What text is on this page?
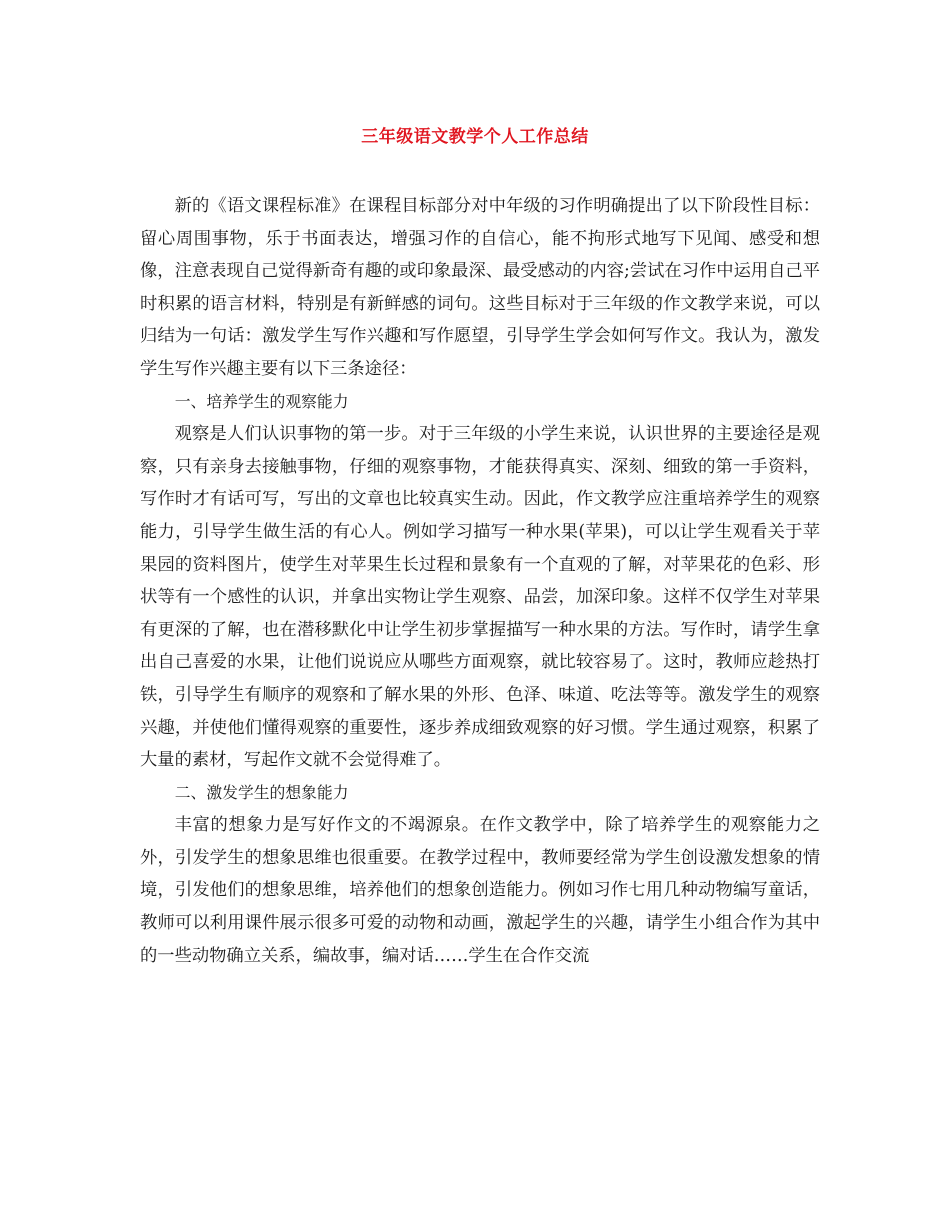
三年级语文教学个人工作总结

新的《语文课程标准》在课程目标部分对中年级的习作明确提出了以下阶段性目标：留心周围事物，乐于书面表达，增强习作的自信心，能不拘形式地写下见闻、感受和想像，注意表现自己觉得新奇有趣的或印象最深、最受感动的内容;尝试在习作中运用自己平时积累的语言材料，特别是有新鲜感的词句。这些目标对于三年级的作文教学来说，可以归结为一句话：激发学生写作兴趣和写作愿望，引导学生学会如何写作文。我认为，激发学生写作兴趣主要有以下三条途径：

一、培养学生的观察能力

观察是人们认识事物的第一步。对于三年级的小学生来说，认识世界的主要途径是观察，只有亲身去接触事物，仔细的观察事物，才能获得真实、深刻、细致的第一手资料，写作时才有话可写，写出的文章也比较真实生动。因此，作文教学应注重培养学生的观察能力，引导学生做生活的有心人。例如学习描写一种水果(苹果)，可以让学生观看关于苹果园的资料图片，使学生对苹果生长过程和景象有一个直观的了解，对苹果花的色彩、形状等有一个感性的认识，并拿出实物让学生观察、品尝，加深印象。这样不仅学生对苹果有更深的了解，也在潜移默化中让学生初步掌握描写一种水果的方法。写作时，请学生拿出自己喜爱的水果，让他们说说应从哪些方面观察，就比较容易了。这时，教师应趁热打铁，引导学生有顺序的观察和了解水果的外形、色泽、味道、吃法等等。激发学生的观察兴趣，并使他们懂得观察的重要性，逐步养成细致观察的好习惯。学生通过观察，积累了大量的素材，写起作文就不会觉得难了。

二、激发学生的想象能力

丰富的想象力是写好作文的不竭源泉。在作文教学中，除了培养学生的观察能力之外，引发学生的想象思维也很重要。在教学过程中，教师要经常为学生创设激发想象的情境，引发他们的想象思维，培养他们的想象创造能力。例如习作七用几种动物编写童话，教师可以利用课件展示很多可爱的动物和动画，激起学生的兴趣，请学生小组合作为其中的一些动物确立关系，编故事，编对话……学生在合作交流
